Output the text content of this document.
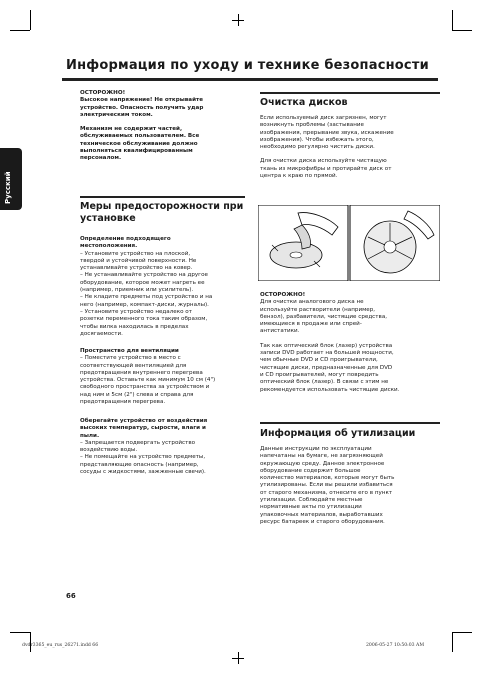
Информация по уходу и технике безопасности
Русский
ОСТОРОЖНО!
Высокое напряжение! Не открывайте
устройство. Опасность получить удар
электрическим током.
Механизм не содержит частей,
обслуживаемых пользователем. Все
техническое обслуживание должно
выполняться квалифицированным
персоналом.
Меры предосторожности при
установке
Определение подходящего
местоположения.
– Установите устройство на плоской,
твердой и устойчивой поверхности. Не
устанавливайте устройство на ковер.
– Не устанавливайте устройство на другое
оборудование, которое может нагреть ее
(например, приемник или усилитель).
– Не кладите предметы под устройство и на
него (например, компакт-диски, журналы).
– Установите устройство недалеко от
розетки переменного тока таким образом,
чтобы вилка находилась в пределах
досягаемости.
Пространство для вентиляции
– Поместите устройство в место с
соответствующей вентиляцией для
предотвращения внутреннего перегрева
устройства. Оставьте как минимум 10 см (4")
свободного пространства за устройством и
над ним и 5см (2") слева и справа для
предотвращения перегрева.
Оберегайте устройство от воздействия
высоких температур, сырости, влаги и
пыли.
– Запрещается подвергать устройство
воздействию воды.
– Не помещайте на устройство предметы,
представляющие опасность (например,
сосуды с жидкостями, зажженные свечи).
Очистка дисков
Если используемый диск загрязнен, могут
возникнуть проблемы (застывание
изображения, прерывание звука, искажение
изображения). Чтобы избежать этого,
необходимо регулярно чистить диски.
Для очистки диска используйте чистящую
ткань из микрофибры и протирайте диск от
центра к краю по прямой.
ОСТОРОЖНО!
Для очистки аналогового диска не
используйте растворители (например,
бензол), разбавители, чистящие средства,
имеющиеся в продаже или спрей-
антистатики.
Так как оптический блок (лазер) устройства
записи DVD работает на большей мощности,
чем обычные DVD и CD проигрыватели,
чистящие диски, предназначенные для DVD
и CD проигрывателей, могут повредить
оптический блок (лазер). В связи с этим не
рекомендуется использовать чистящие диски.
Информация об утилизации
Данные инструкции по эксплуатации
напечатаны на бумаге, не загрязняющей
окружающую среду. Данное электронное
оборудование содержит большое
количество материалов, которые могут быть
утилизированы. Если вы решили избавиться
от старого механизма, отнесите его в пункт
утилизации. Соблюдайте местные
нормативные акты по утилизации
упаковочных материалов, выработавших
ресурс батареек и старого оборудования.
66
dvdr3365_eu_rus_26271.indd 66	2006-05-27 10:50:03 AM
